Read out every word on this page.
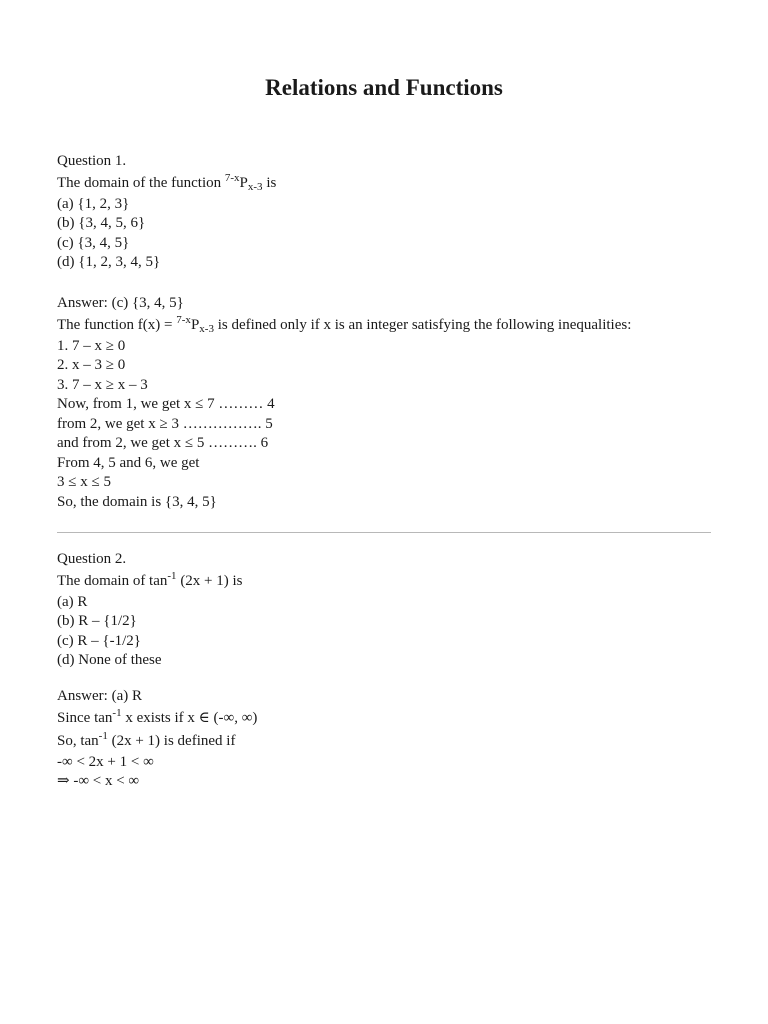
Relations and Functions
Question 1.
The domain of the function $^{7-x}P_{x-3}$ is
(a) {1, 2, 3}
(b) {3, 4, 5, 6}
(c) {3, 4, 5}
(d) {1, 2, 3, 4, 5}
Answer: (c) {3, 4, 5}
The function $f(x) = ^{7-x}P_{x-3}$ is defined only if x is an integer satisfying the following inequalities:
1. 7 – x ≥ 0
2. x – 3 ≥ 0
3. 7 – x ≥ x – 3
Now, from 1, we get x ≤ 7 ……… 4
from 2, we get x ≥ 3 ……………. 5
and from 2, we get x ≤ 5 ………. 6
From 4, 5 and 6, we get
3 ≤ x ≤ 5
So, the domain is {3, 4, 5}
Question 2.
The domain of $\tan^{-1} (2x + 1)$ is
(a) R
(b) R – {1/2}
(c) R – {-1/2}
(d) None of these
Answer: (a) R
Since $\tan^{-1} x$ exists if x ∈ (-∞, ∞)
So, $\tan^{-1} (2x + 1)$ is defined if
-∞ < 2x + 1 < ∞
⇒ -∞ < x < ∞
